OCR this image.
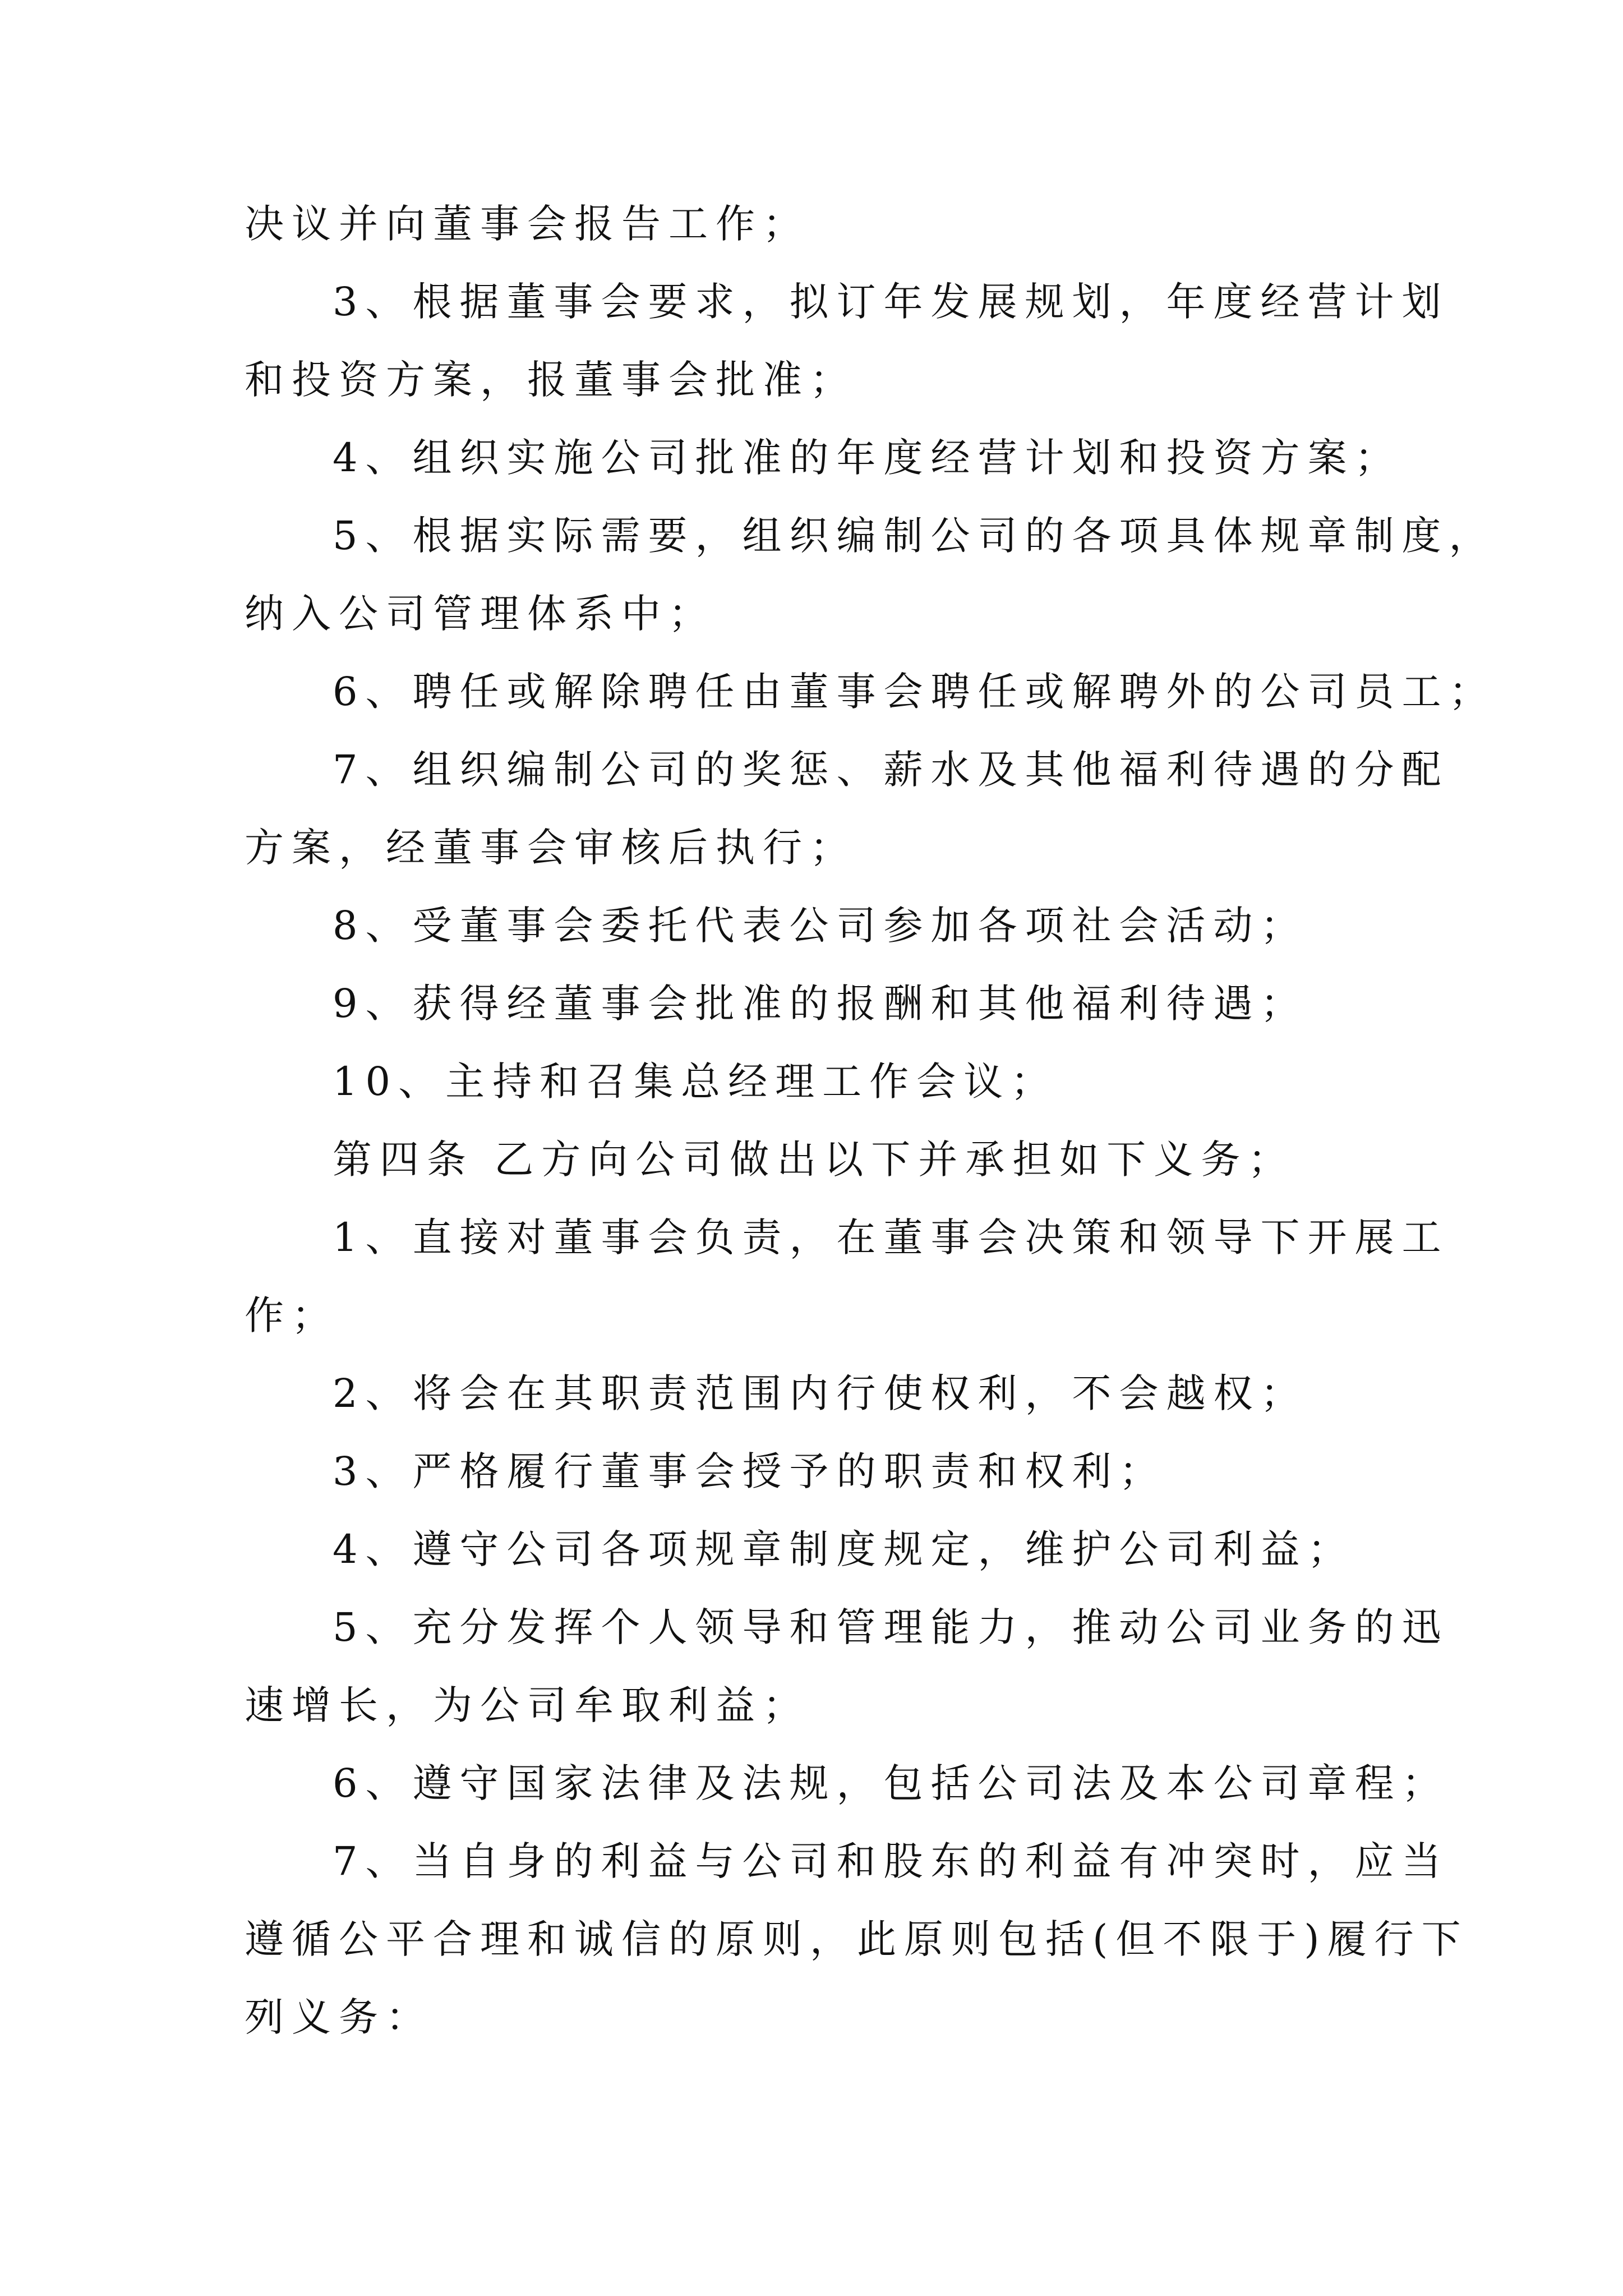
决议并向董事会报告工作；
3、根据董事会要求，拟订年发展规划，年度经营计划
和投资方案，报董事会批准；
4、组织实施公司批准的年度经营计划和投资方案；
5、根据实际需要，组织编制公司的各项具体规章制度，
纳入公司管理体系中；
6、聘任或解除聘任由董事会聘任或解聘外的公司员工；
7、组织编制公司的奖惩、薪水及其他福利待遇的分配
方案，经董事会审核后执行；
8、受董事会委托代表公司参加各项社会活动；
9、获得经董事会批准的报酬和其他福利待遇；
10、主持和召集总经理工作会议；
第四条 乙方向公司做出以下并承担如下义务；
1、直接对董事会负责，在董事会决策和领导下开展工
作；
2、将会在其职责范围内行使权利，不会越权；
3、严格履行董事会授予的职责和权利；
4、遵守公司各项规章制度规定，维护公司利益；
5、充分发挥个人领导和管理能力，推动公司业务的迅
速增长，为公司牟取利益；
6、遵守国家法律及法规，包括公司法及本公司章程；
7、当自身的利益与公司和股东的利益有冲突时，应当
遵循公平合理和诚信的原则，此原则包括(但不限于)履行下
列义务：
